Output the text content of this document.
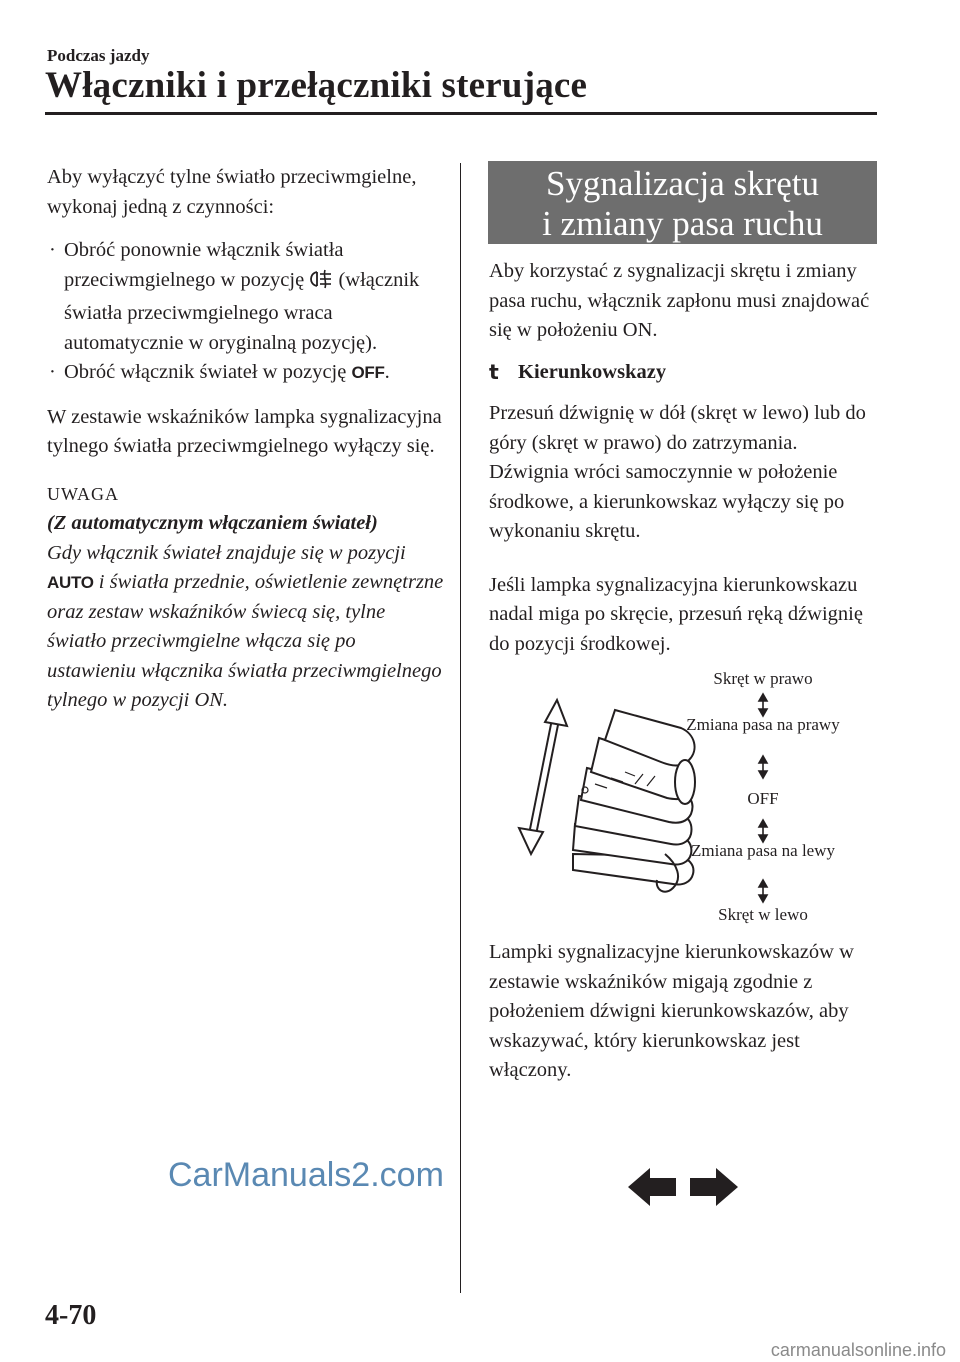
Podczas jazdy
Włączniki i przełączniki sterujące

Aby wyłączyć tylne światło przeciwmgielne, wykonaj jedną z czynności:

· Obróć ponownie włącznik światła przeciwmgielnego w pozycję (włącznik światła przeciwmgielnego wraca automatycznie w oryginalną pozycję).
· Obróć włącznik świateł w pozycję OFF.

W zestawie wskaźników lampka sygnalizacyjna tylnego światła przeciwmgielnego wyłączy się.

UWAGA
(Z automatycznym włączaniem świateł)
Gdy włącznik świateł znajduje się w pozycji AUTO i światła przednie, oświetlenie zewnętrzne oraz zestaw wskaźników świecą się, tylne światło przeciwmgielne włącza się po ustawieniu włącznika światła przeciwmgielnego tylnego w pozycji ON.
Sygnalizacja skrętu
i zmiany pasa ruchu

Aby korzystać z sygnalizacji skrętu i zmiany pasa ruchu, włącznik zapłonu musi znajdować się w położeniu ON.

t Kierunkowskazy

Przesuń dźwignię w dół (skręt w lewo) lub do góry (skręt w prawo) do zatrzymania. Dźwignia wróci samoczynnie w położenie środkowe, a kierunkowskaz wyłączy się po wykonaniu skrętu.

Jeśli lampka sygnalizacyjna kierunkowskazu nadal miga po skręcie, przesuń ręką dźwignię do pozycji środkowej.

Skręt w prawo
Zmiana pasa na prawy
OFF
Zmiana pasa na lewy
Skręt w lewo

Lampki sygnalizacyjne kierunkowskazów w zestawie wskaźników migają zgodnie z położeniem dźwigni kierunkowskazów, aby wskazywać, który kierunkowskaz jest włączony.

CarManuals2.com
4-70
carmanualsonline.info
